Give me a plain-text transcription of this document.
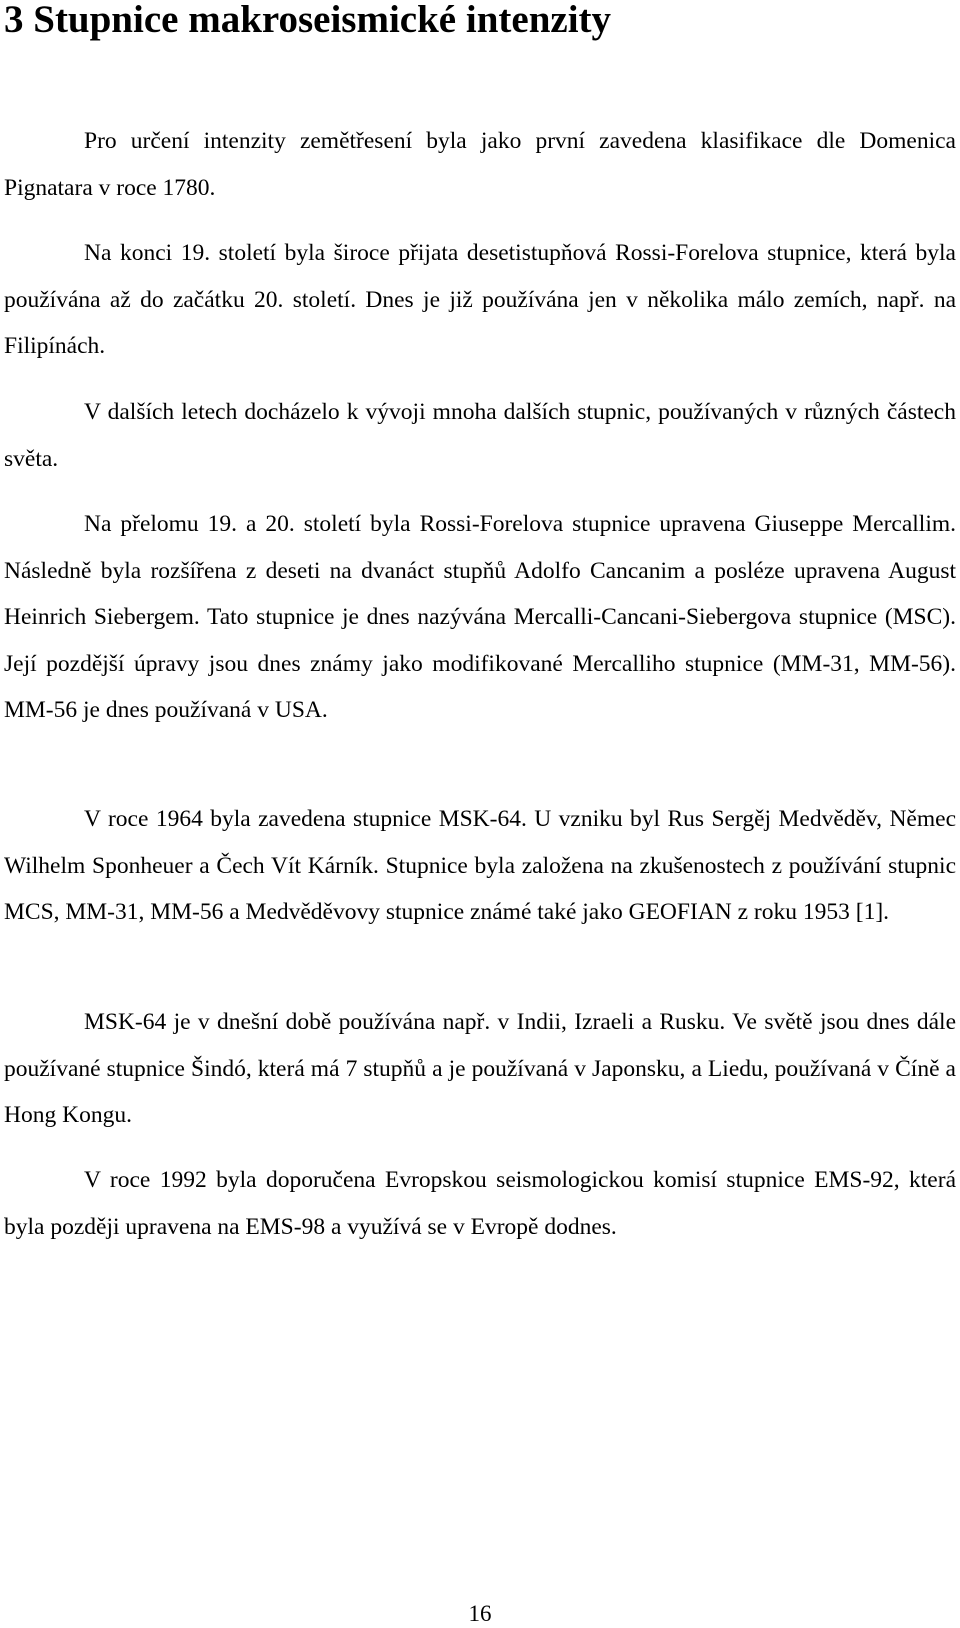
3 Stupnice makroseismické intenzity

Pro určení intenzity zemětřesení byla jako první zavedena klasifikace dle Domenica Pignatara v roce 1780.

Na konci 19. století byla široce přijata desetistupňová Rossi-Forelova stupnice, která byla používána až do začátku 20. století. Dnes je již používána jen v několika málo zemích, např. na Filipínách.

V dalších letech docházelo k vývoji mnoha dalších stupnic, používaných v různých částech světa.

Na přelomu 19. a 20. století byla Rossi-Forelova stupnice upravena Giuseppe Mercallim. Následně byla rozšířena z deseti na dvanáct stupňů Adolfo Cancanim a posléze upravena August Heinrich Siebergem. Tato stupnice je dnes nazývána Mercalli-Cancani-Siebergova stupnice (MSC). Její pozdější úpravy jsou dnes známy jako modifikované Mercalliho stupnice (MM-31, MM-56). MM-56 je dnes používaná v USA.

V roce 1964 byla zavedena stupnice MSK-64. U vzniku byl Rus Sergěj Medvěděv, Němec Wilhelm Sponheuer a Čech Vít Kárník. Stupnice byla založena na zkušenostech z používání stupnic MCS, MM-31, MM-56 a Medvěděvovy stupnice známé také jako GEOFIAN z roku 1953 [1].

MSK-64 je v dnešní době používána např. v Indii, Izraeli a Rusku. Ve světě jsou dnes dále používané stupnice Šindó, která má 7 stupňů a je používaná v Japonsku, a Liedu, používaná v Číně a Hong Kongu.

V roce 1992 byla doporučena Evropskou seismologickou komisí stupnice EMS-92, která byla později upravena na EMS-98 a využívá se v Evropě dodnes.

16
